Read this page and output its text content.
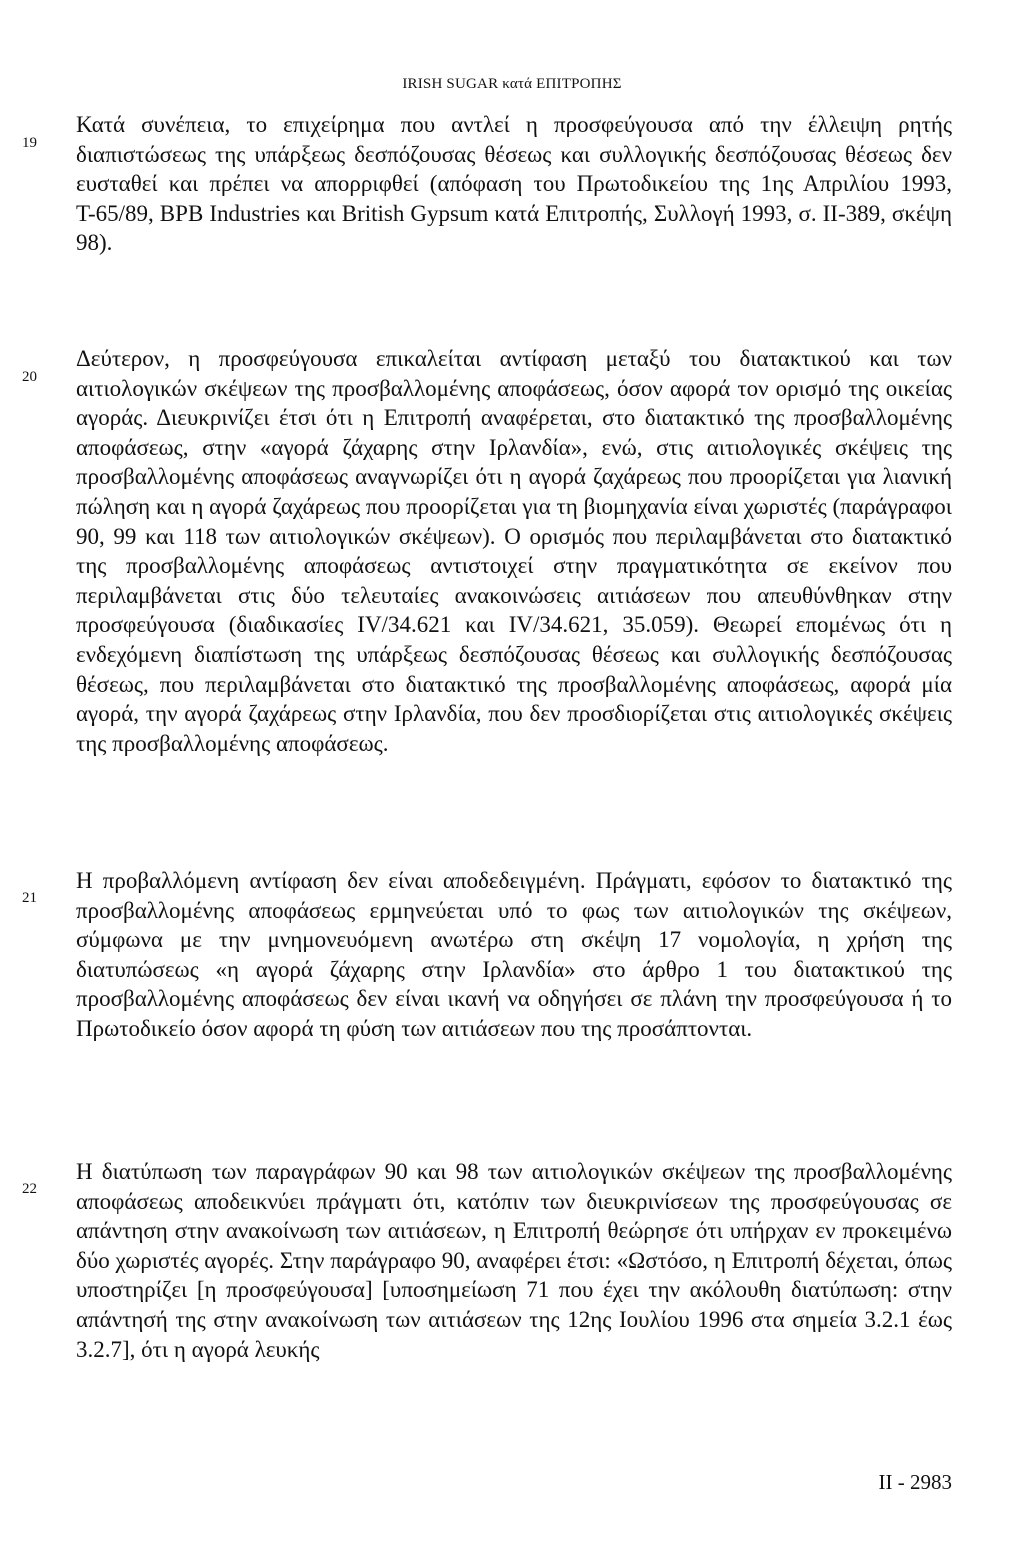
IRISH SUGAR κατά ΕΠΙΤΡΟΠΗΣ
19

Κατά συνέπεια, το επιχείρημα που αντλεί η προσφεύγουσα από την έλλειψη ρητής διαπιστώσεως της υπάρξεως δεσπόζουσας θέσεως και συλλογικής δεσπόζουσας θέσεως δεν ευσταθεί και πρέπει να απορριφθεί (απόφαση του Πρωτοδικείου της 1ης Απριλίου 1993, Τ-65/89, BPB Industries και British Gypsum κατά Επιτροπής, Συλλογή 1993, σ. II-389, σκέψη 98).

20

Δεύτερον, η προσφεύγουσα επικαλείται αντίφαση μεταξύ του διατακτικού και των αιτιολογικών σκέψεων της προσβαλλομένης αποφάσεως, όσον αφορά τον ορισμό της οικείας αγοράς. Διευκρινίζει έτσι ότι η Επιτροπή αναφέρεται, στο διατακτικό της προσβαλλομένης αποφάσεως, στην «αγορά ζάχαρης στην Ιρλανδία», ενώ, στις αιτιολογικές σκέψεις της προσβαλλομένης αποφάσεως αναγνωρίζει ότι η αγορά ζαχάρεως που προορίζεται για λιανική πώληση και η αγορά ζαχάρεως που προορίζεται για τη βιομηχανία είναι χωριστές (παράγραφοι 90, 99 και 118 των αιτιολογικών σκέψεων). Ο ορισμός που περιλαμβάνεται στο διατακτικό της προσβαλλομένης αποφάσεως αντιστοιχεί στην πραγματικότητα σε εκείνον που περιλαμβάνεται στις δύο τελευταίες ανακοινώσεις αιτιάσεων που απευθύνθηκαν στην προσφεύγουσα (διαδικασίες IV/34.621 και IV/34.621, 35.059). Θεωρεί επομένως ότι η ενδεχόμενη διαπίστωση της υπάρξεως δεσπόζουσας θέσεως και συλλογικής δεσπόζουσας θέσεως, που περιλαμβάνεται στο διατακτικό της προσβαλλομένης αποφάσεως, αφορά μία αγορά, την αγορά ζαχάρεως στην Ιρλανδία, που δεν προσδιορίζεται στις αιτιολογικές σκέψεις της προσβαλλομένης αποφάσεως.

21

Η προβαλλόμενη αντίφαση δεν είναι αποδεδειγμένη. Πράγματι, εφόσον το διατακτικό της προσβαλλομένης αποφάσεως ερμηνεύεται υπό το φως των αιτιολογικών της σκέψεων, σύμφωνα με την μνημονευόμενη ανωτέρω στη σκέψη 17 νομολογία, η χρήση της διατυπώσεως «η αγορά ζάχαρης στην Ιρλανδία» στο άρθρο 1 του διατακτικού της προσβαλλομένης αποφάσεως δεν είναι ικανή να οδηγήσει σε πλάνη την προσφεύγουσα ή το Πρωτοδικείο όσον αφορά τη φύση των αιτιάσεων που της προσάπτονται.

22

Η διατύπωση των παραγράφων 90 και 98 των αιτιολογικών σκέψεων της προσβαλλομένης αποφάσεως αποδεικνύει πράγματι ότι, κατόπιν των διευκρινίσεων της προσφεύγουσας σε απάντηση στην ανακοίνωση των αιτιάσεων, η Επιτροπή θεώρησε ότι υπήρχαν εν προκειμένω δύο χωριστές αγορές. Στην παράγραφο 90, αναφέρει έτσι: «Ωστόσο, η Επιτροπή δέχεται, όπως υποστηρίζει [η προσφεύγουσα] [υποσημείωση 71 που έχει την ακόλουθη διατύπωση: στην απάντησή της στην ανακοίνωση των αιτιάσεων της 12ης Ιουλίου 1996 στα σημεία 3.2.1 έως 3.2.7], ότι η αγορά λευκής

II - 2983
